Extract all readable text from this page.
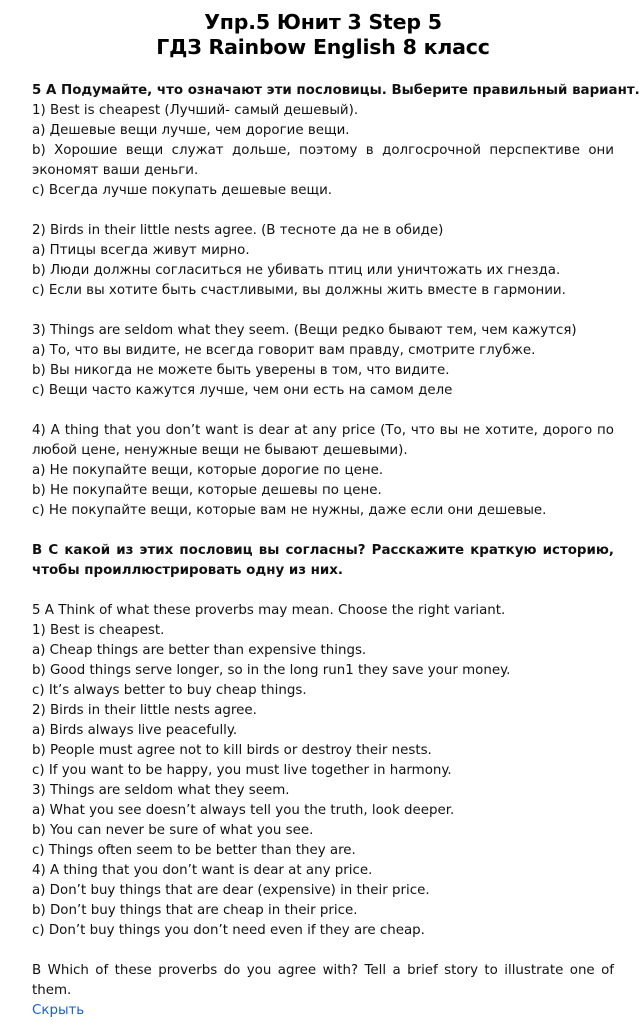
Упр.5 Юнит 3 Step 5
ГДЗ Rainbow English 8 класс
5 A Подумайте, что означают эти пословицы. Выберите правильный вариант.
1) Best is cheapest (Лучший- самый дешевый).
a) Дешевые вещи лучше, чем дорогие вещи.
b) Хорошие вещи служат дольше, поэтому в долгосрочной перспективе они экономят ваши деньги.
c) Всегда лучше покупать дешевые вещи.
2) Birds in their little nests agree. (В тесноте да не в обиде)
a) Птицы всегда живут мирно.
b) Люди должны согласиться не убивать птиц или уничтожать их гнезда.
c) Если вы хотите быть счастливыми, вы должны жить вместе в гармонии.
3) Things are seldom what they seem. (Вещи редко бывают тем, чем кажутся)
a) То, что вы видите, не всегда говорит вам правду, смотрите глубже.
b) Вы никогда не можете быть уверены в том, что видите.
c) Вещи часто кажутся лучше, чем они есть на самом деле
4) A thing that you don’t want is dear at any price (То, что вы не хотите, дорого по любой цене, ненужные вещи не бывают дешевыми).
a) Не покупайте вещи, которые дорогие по цене.
b) Не покупайте вещи, которые дешевы по цене.
c) Не покупайте вещи, которые вам не нужны, даже если они дешевые.
В С какой из этих пословиц вы согласны? Расскажите краткую историю, чтобы проиллюстрировать одну из них.
5 A Think of what these proverbs may mean. Choose the right variant.
1) Best is cheapest.
a) Cheap things are better than expensive things.
b) Good things serve longer, so in the long run1 they save your money.
c) It’s always better to buy cheap things.
2) Birds in their little nests agree.
a) Birds always live peacefully.
b) People must agree not to kill birds or destroy their nests.
c) If you want to be happy, you must live together in harmony.
3) Things are seldom what they seem.
a) What you see doesn’t always tell you the truth, look deeper.
b) You can never be sure of what you see.
c) Things often seem to be better than they are.
4) A thing that you don’t want is dear at any price.
a) Don’t buy things that are dear (expensive) in their price.
b) Don’t buy things that are cheap in their price.
c) Don’t buy things you don’t need even if they are cheap.
B Which of these proverbs do you agree with? Tell a brief story to illustrate one of them.
Скрыть
